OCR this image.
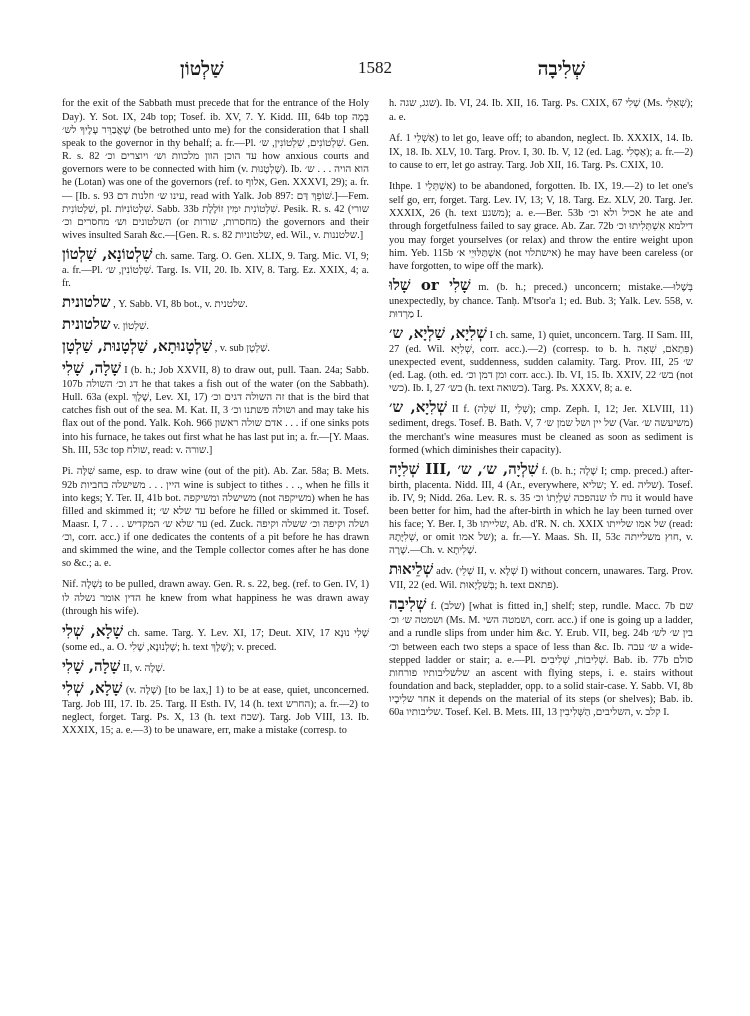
שַׁלְטוֹן	1582	שְׁלִיבָה
for the exit of the Sabbath must precede that for the entrance of the Holy Day). Y. Sot. IX, 24b top; Tosef. ib. XV, 7. Y. Kidd. III, 64b top בְּמָה שֶׁאֲבַרֵּר עָלֶיךָ לש׳ (be betrothed unto me) for the consideration that I shall speak to the governor in thy behalf; a. fr.—Pl. שִׁלְטוֹנִים, שִׁלְטוֹנִין, ש׳. Gen. R. s. 82 עד הוכן הוון מלכוות וש׳ ויוצרים וכ׳ how anxious courts and governors were to be connected with him (v. שָׁלְטָנוּת). Ib. הוא הויה . . . ש׳ he (Lotan) was one of the governors (ref. to אלוף, Gen. XXXVI, 29); a. fr.— [Ib. s. 93 עינו ש׳ וזלנות דם, read with Yalk. Job 897: שׁוֹפֵךְ דַּם.]—Fem. שִׁלְטוֹנִית, pl. שִׁלְטוֹנִיּוֹת. Sabb. 33b שִׁלְטוֹנִית יִמִּין זוֹלֶלֶת. Pesik. R. s. 42 (שורי השלטונים וש׳ מחסרים וכ׳ (or מחסרות, שורות) the governors and their wives insulted Sarah &c.—[Gen. R. s. 82 שלטוניות, ed. Wil., v. שלטננות.]
שִׁלְטוֹנָא, שַׁלְטוֹן ch. same. Targ. O. Gen. XLIX, 9. Targ. Mic. VI, 9; a. fr.—Pl. שִׁלְטוֹנִין, ש׳. Targ. Is. VII, 20. Ib. XIV, 8. Targ. Ez. XXIX, 4; a. fr.
שלטונית , Y. Sabb. VI, 8b bot., v. שלטנית.
שלטונית v. שִׁלְטוֹן.
שַׁלְטָנוּתָא, שַׁלְטָנוּת, שַׁלְטָן , v. sub שַׁלְטָן.
שָׁלָה, שָׁלִי I (b. h.; Job XXVII, 8) to draw out, pull. Taan. 24a; Sabb. 107b דג וכ׳ השולה he that takes a fish out of the water (on the Sabbath). Hull. 63a (expl. שָׁלָךְ, Lev. XI, 17) זה השולה דגים וכ׳ that is the bird that catches fish out of the sea. M. Kat. II, 3 ושולה פשתנו וכ׳ and may take his flax out of the pond. Yalk. Koh. 966 אדם שולה ראשון . . . if one sinks pots into his furnace, he takes out first what he has last put in; a. fr.—[Y. Maas. Sh. III, 53c top שולח, read: v. שורה.]
Pi. שִׁלָּה same, esp. to draw wine (out of the pit). Ab. Zar. 58a; B. Mets. 92b היין . . . משישלה בחביות wine is subject to tithes . . ., when he fills it into kegs; Y. Ter. II, 41b bot. משישלה ומשיקפה (not משיקפה) when he has filled and skimmed it; עד שלא ש׳ before he filled or skimmed it. Tosef. Maasr. I, 7 . . . עד שלא ש׳ המקדיש (ed. Zuck. ושלה וקיפה וכ׳ ששלה וקיפה וכ׳, corr. acc.) if one dedicates the contents of a pit before he has drawn and skimmed the wine, and the Temple collector comes after he has done so &c.; a. e.
Nif. נִשְׁלָה to be pulled, drawn away. Gen. R. s. 22, beg. (ref. to Gen. IV, 1) הדין אומר נשלה לו he knew from what happiness he was drawn away (through his wife).
שָׁלָא, שְׁלִי ch. same. Targ. Y. Lev. XI, 17; Deut. XIV, 17 שָׁלִי נוּנָא (some ed., a. O. שָׁלְנוּנָא, שָׁלִי; h. text שָׁלָךְ); v. preced.
שָׁלָה, שָׁלִי II, v. שָׁלָה.
שָׁלָא, שְׁלִי (v. שָׁלָה) [to be lax,] 1) to be at ease, quiet, unconcerned. Targ. Job III, 17. Ib. 25. Targ. II Esth. IV, 14 (h. text החרש); a. fr.—2) to neglect, forget. Targ. Ps. X, 13 (h. text שכח). Targ. Job VIII, 13. Ib. XXXIX, 15; a. e.—3) to be unaware, err, make a mistake (corresp. to
h. שגג, שגה). Ib. VI, 24. Ib. XII, 16. Targ. Ps. CXIX, 67 שְׁלִי (Ms. שְׁאֵלִי); a. e.
Af. אַשְׁלֵי 1) to let go, leave off; to abandon, neglect. Ib. XXXIX, 14. Ib. IX, 18. Ib. XLV, 10. Targ. Prov. I, 30. Ib. V, 12 (ed. Lag. אַסְלִי); a. fr.—2) to cause to err, let go astray. Targ. Job XII, 16. Targ. Ps. CXIX, 10.
Ithpe. אִשְׁתְּלֵי 1) to be abandoned, forgotten. Ib. IX, 19.—2) to let one's self go, err, forget. Targ. Lev. IV, 13; V, 18. Targ. Ez. XLV, 20. Targ. Jer. XXXIX, 26 (h. text משגע); a. e.—Ber. 53b אכיל ולא וכ׳ he ate and through forgetfulness failed to say grace. Ab. Zar. 72b דילמא אִשְׁתְּלִיתוּ וכ׳ you may forget yourselves (or relax) and throw the entire weight upon him. Yeb. 115b אִשְׁתַּלּוּיֵי א׳ (not אישתלוי) he may have been careless (or have forgotten, to wipe off the mark).
שָׁלוּ or שָׁלִי m. (b. h.; preced.) unconcern; mistake.—בְּשֶׁלוּ unexpectedly, by chance. Tanḥ. M'tsor'a 1; ed. Bub. 3; Yalk. Lev. 558, v. מַרְדוּת I.
שְׁלִיָא, שַׁלְיָא, ש׳ I ch. same, 1) quiet, unconcern. Targ. II Sam. III, 27 (ed. Wil. שְׁלִיָּא, corr. acc.).—2) (corresp. to b. h. פִּתְאֹם, שְׁאָה) unexpected event, suddenness, sudden calamity. Targ. Prov. III, 25 ש׳ (ed. Lag. (oth. ed. ומן דמן וכ׳ corr. acc.). Ib. VI, 15. Ib. XXIV, 22 בש׳ (not כשי). Ib. I, 27 בש׳ (h. text כשואה). Targ. Ps. XXXV, 8; a. e.
שְׁלִיָא, ש׳ II f. (שְׁלֵה II, שְׁלֵי); cmp. Zeph. I, 12; Jer. XLVIII, 11) sediment, dregs. Tosef. B. Bath. V, 7 של יין ושל שמן ש׳ (Var. משיעשה ש׳) the merchant's wine measures must be cleaned as soon as sediment is formed (which diminishes their capacity).
שְׁלִיָה III, שִׁלְיָה, ש׳, ש׳ f. (b. h.; שָׁלָה I; cmp. preced.) after-birth, placenta. Nidd. III, 4 (Ar., everywhere, שליא; Y. ed. שליה). Tosef. ib. IV, 9; Nidd. 26a. Lev. R. s. 35 נוח לו שנהפכה שִׁלְיָתוֹ וכ׳ it would have been better for him, had the after-birth in which he lay been turned over his face; Y. Ber. I, 3b שלייתו, Ab. d'R. N. ch. XXIX של אמו שלייתו (read: שְׁלִיָּתָהּ, or omit של אמו); a. fr.—Y. Maas. Sh. II, 53c חוץ משלייתה, v. שָׁרָה.—Ch. v. שָׁלִיתָא.
שְׁלֵיאוּת adv. (שְׁלֵי II, v. שְׁלָא I) without concern, unawares. Targ. Prov. VII, 22 (ed. Wil. בְּשִׁלְיָאוּת; h. text פתאם).
שְׁלִיבָה f. (שלב) [what is fitted in,] shelf; step, rundle. Macc. 7b שם ושמטה ש׳ וכ׳ (Ms. M. ושמטה השי, corr. acc.) if one is going up a ladder, and a rundle slips from under him &c. Y. Erub. VII, beg. 24b בין ש׳ לש׳ וכ׳ between each two steps a space of less than &c. Ib. ש׳ עבה a wide-stepped ladder or stair; a. e.—Pl. שְׁלִיבוֹת, שְׁלִיבִים. Bab. ib. 77b סולם שלשליבותיו פורחות an ascent with flying steps, i. e. stairs without foundation and back, stepladder, opp. to a solid stair-case. Y. Sabb. VI, 8b אחר שלִיבָיו it depends on the material of its steps (or shelves); Bab. ib. 60a שליבותיו. Tosef. Kel. B. Mets. III, 13 השליבים, הַשְּׁלִיבִין, v. קלב I.
